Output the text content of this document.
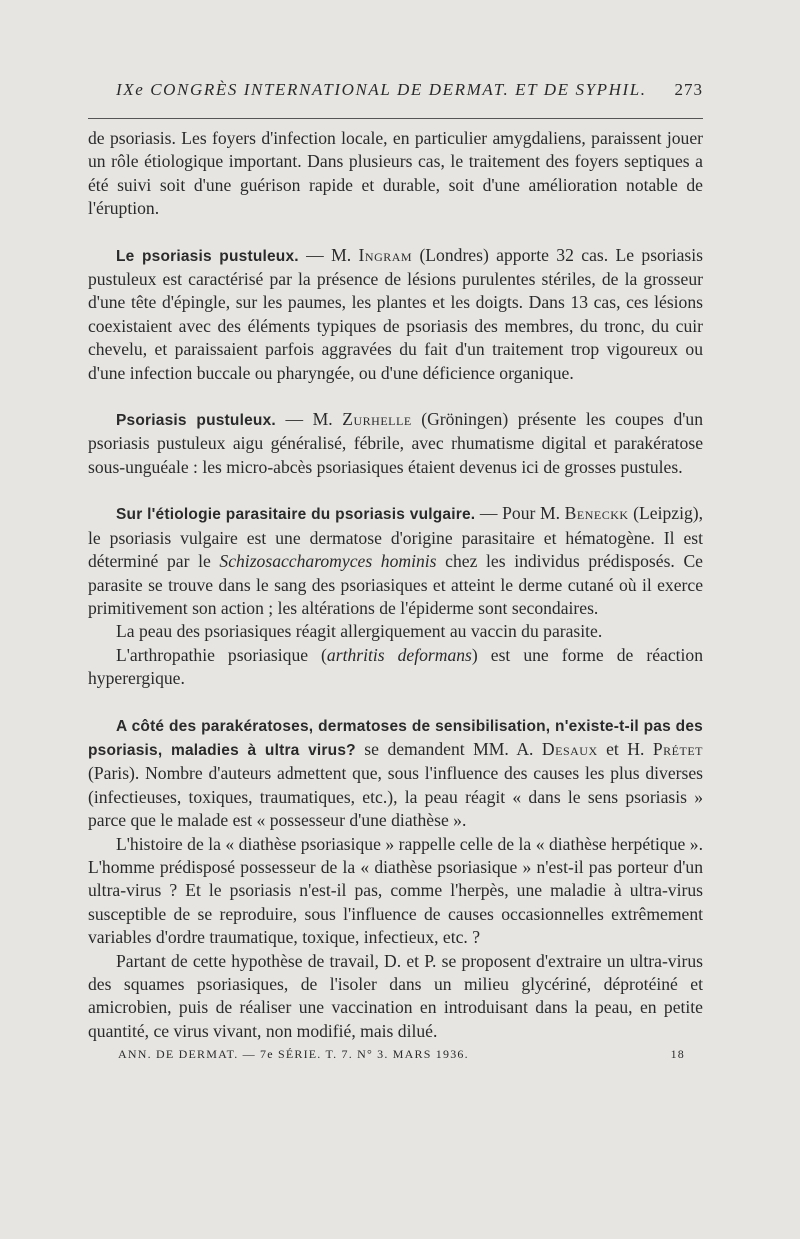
IXe CONGRÈS INTERNATIONAL DE DERMAT. ET DE SYPHIL. 273

de psoriasis. Les foyers d'infection locale, en particulier amygdaliens, paraissent jouer un rôle étiologique important. Dans plusieurs cas, le traitement des foyers septiques a été suivi soit d'une guérison rapide et durable, soit d'une amélioration notable de l'éruption.

Le psoriasis pustuleux. — M. Ingram (Londres) apporte 32 cas. Le psoriasis pustuleux est caractérisé par la présence de lésions purulentes stériles, de la grosseur d'une tête d'épingle, sur les paumes, les plantes et les doigts. Dans 13 cas, ces lésions coexistaient avec des éléments typiques de psoriasis des membres, du tronc, du cuir chevelu, et paraissaient parfois aggravées du fait d'un traitement trop vigoureux ou d'une infection buccale ou pharyngée, ou d'une déficience organique.

Psoriasis pustuleux. — M. Zurhelle (Gröningen) présente les coupes d'un psoriasis pustuleux aigu généralisé, fébrile, avec rhumatisme digital et parakératose sous-unguéale : les micro-abcès psoriasiques étaient devenus ici de grosses pustules.

Sur l'étiologie parasitaire du psoriasis vulgaire. — Pour M. Beneckk (Leipzig), le psoriasis vulgaire est une dermatose d'origine parasitaire et hématogène. Il est déterminé par le Schizosaccharomyces hominis chez les individus prédisposés. Ce parasite se trouve dans le sang des psoriasiques et atteint le derme cutané où il exerce primitivement son action ; les altérations de l'épiderme sont secondaires.

La peau des psoriasiques réagit allergiquement au vaccin du parasite.

L'arthropathie psoriasique (arthritis deformans) est une forme de réaction hyperergique.

A côté des parakératoses, dermatoses de sensibilisation, n'existe-t-il pas des psoriasis, maladies à ultra virus? se demandent MM. A. Desaux et H. Prétet (Paris). Nombre d'auteurs admettent que, sous l'influence des causes les plus diverses (infectieuses, toxiques, traumatiques, etc.), la peau réagit « dans le sens psoriasis » parce que le malade est « possesseur d'une diathèse ».

L'histoire de la « diathèse psoriasique » rappelle celle de la « diathèse herpétique ». L'homme prédisposé possesseur de la « diathèse psoriasique » n'est-il pas porteur d'un ultra-virus ? Et le psoriasis n'est-il pas, comme l'herpès, une maladie à ultra-virus susceptible de se reproduire, sous l'influence de causes occasionnelles extrêmement variables d'ordre traumatique, toxique, infectieux, etc. ?

Partant de cette hypothèse de travail, D. et P. se proposent d'extraire un ultra-virus des squames psoriasiques, de l'isoler dans un milieu glycériné, déprotéiné et amicrobien, puis de réaliser une vaccination en introduisant dans la peau, en petite quantité, ce virus vivant, non modifié, mais dilué.

ANN. DE DERMAT. — 7e SÉRIE. T. 7. N° 3. MARS 1936.	18
